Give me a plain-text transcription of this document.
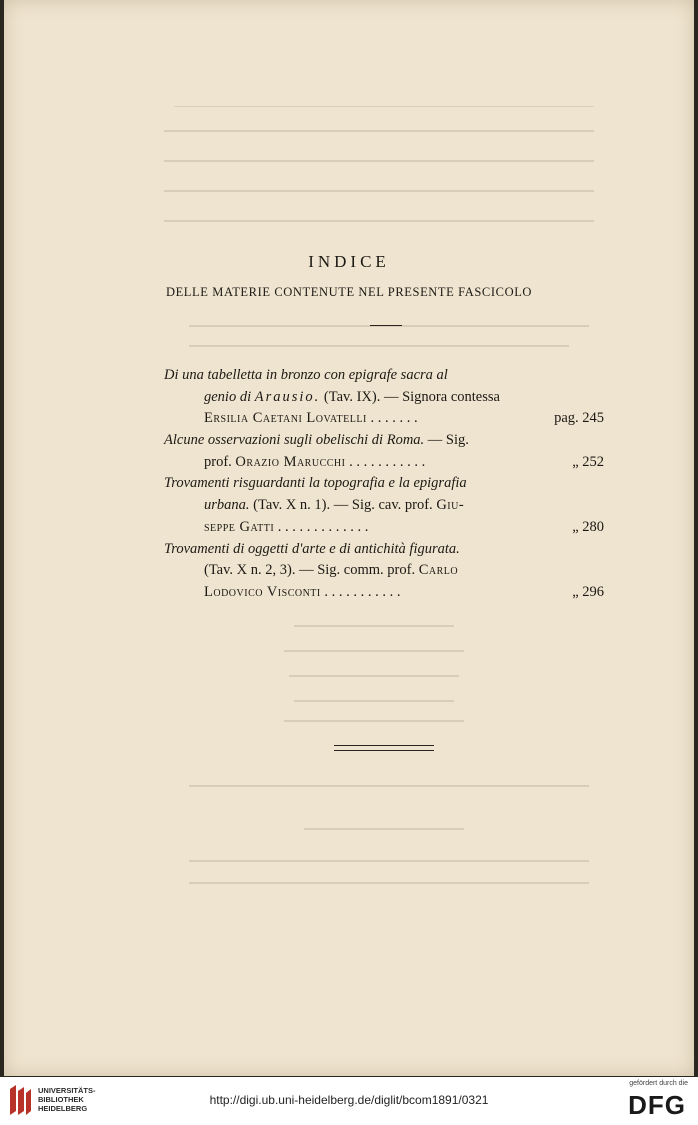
INDICE
DELLE MATERIE CONTENUTE NEL PRESENTE FASCICOLO
Di una tabelletta in bronzo con epigrafe sacra al
genio di Arausio. (Tav. IX). — Signora contessa
Ersilia Caetani Lovatelli . . . . . . .	pag. 245
Alcune osservazioni sugli obelischi di Roma. — Sig.
prof. Orazio Marucchi . . . . . . . . . . .	„ 252
Trovamenti risguardanti la topografia e la epigrafia
urbana. (Tav. X n. 1). — Sig. cav. prof. Giu-
seppe Gatti . . . . . . . . . . . . .	„ 280
Trovamenti di oggetti d'arte e di antichità figurata.
(Tav. X n. 2, 3). — Sig. comm. prof. Carlo
Lodovico Visconti . . . . . . . . . . .	„ 296
UNIVERSITÄTS-
BIBLIOTHEK
HEIDELBERG
http://digi.ub.uni-heidelberg.de/diglit/bcom1891/0321
gefördert durch die
DFG
